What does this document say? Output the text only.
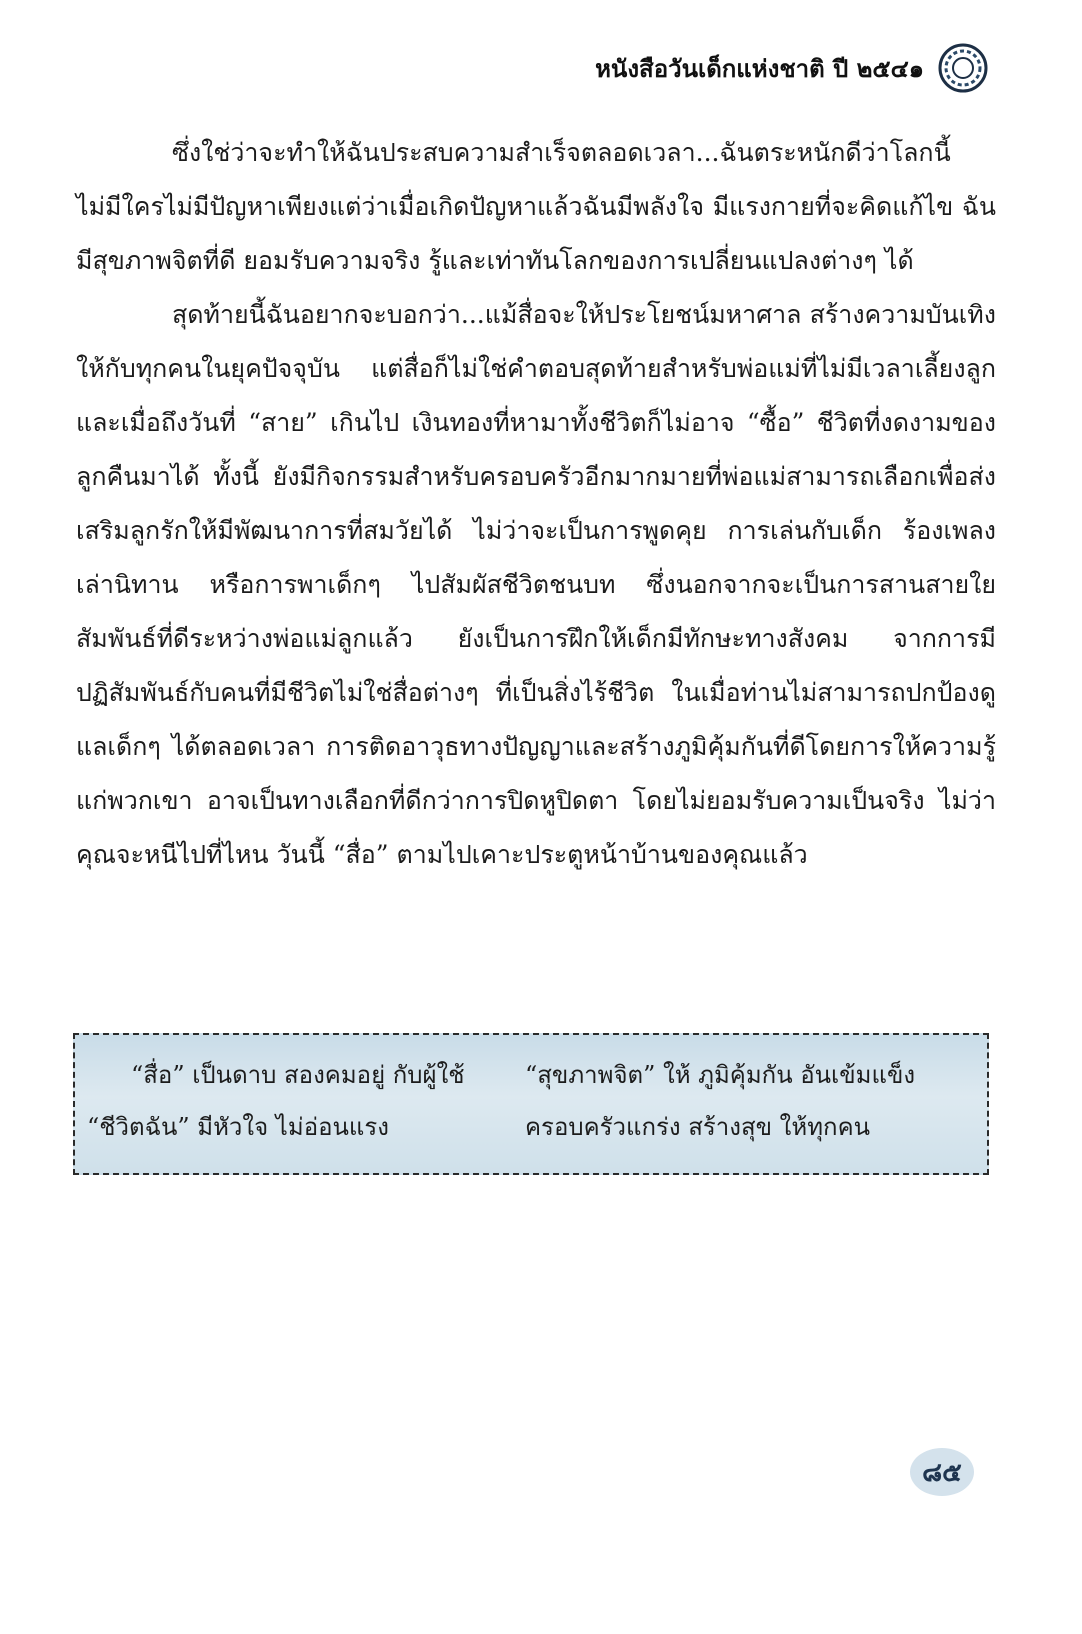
หนังสือวันเด็กแห่งชาติ ปี ๒๕๔๑

ซึ่งใช่ว่าจะทำให้ฉันประสบความสำเร็จตลอดเวลา...ฉันตระหนักดีว่าโลกนี้ไม่มีใครไม่มีปัญหาเพียงแต่ว่าเมื่อเกิดปัญหาแล้วฉันมีพลังใจ มีแรงกายที่จะคิดแก้ไข ฉันมีสุขภาพจิตที่ดี ยอมรับความจริง รู้และเท่าทันโลกของการเปลี่ยนแปลงต่างๆ ได้

สุดท้ายนี้ฉันอยากจะบอกว่า...แม้สื่อจะให้ประโยชน์มหาศาล สร้างความบันเทิงให้กับทุกคนในยุคปัจจุบัน แต่สื่อก็ไม่ใช่คำตอบสุดท้ายสำหรับพ่อแม่ที่ไม่มีเวลาเลี้ยงลูก และเมื่อถึงวันที่ “สาย” เกินไป เงินทองที่หามาทั้งชีวิตก็ไม่อาจ “ซื้อ” ชีวิตที่งดงามของลูกคืนมาได้ ทั้งนี้ ยังมีกิจกรรมสำหรับครอบครัวอีกมากมายที่พ่อแม่สามารถเลือกเพื่อส่งเสริมลูกรักให้มีพัฒนาการที่สมวัยได้ ไม่ว่าจะเป็นการพูดคุย การเล่นกับเด็ก ร้องเพลง เล่านิทาน หรือการพาเด็กๆ ไปสัมผัสชีวิตชนบท ซึ่งนอกจากจะเป็นการสานสายใยสัมพันธ์ที่ดีระหว่างพ่อแม่ลูกแล้ว ยังเป็นการฝึกให้เด็กมีทักษะทางสังคม จากการมีปฏิสัมพันธ์กับคนที่มีชีวิตไม่ใช่สื่อต่างๆ ที่เป็นสิ่งไร้ชีวิต ในเมื่อท่านไม่สามารถปกป้องดูแลเด็กๆ ได้ตลอดเวลา การติดอาวุธทางปัญญาและสร้างภูมิคุ้มกันที่ดีโดยการให้ความรู้แก่พวกเขา อาจเป็นทางเลือกที่ดีกว่าการปิดหูปิดตา โดยไม่ยอมรับความเป็นจริง ไม่ว่าคุณจะหนีไปที่ไหน วันนี้ “สื่อ” ตามไปเคาะประตูหน้าบ้านของคุณแล้ว

“สื่อ” เป็นดาบ สองคมอยู่ กับผู้ใช้	“สุขภาพจิต” ให้ ภูมิคุ้มกัน อันเข้มแข็ง
“ชีวิตฉัน” มีหัวใจ ไม่อ่อนแรง	ครอบครัวแกร่ง สร้างสุข ให้ทุกคน
๘๕
